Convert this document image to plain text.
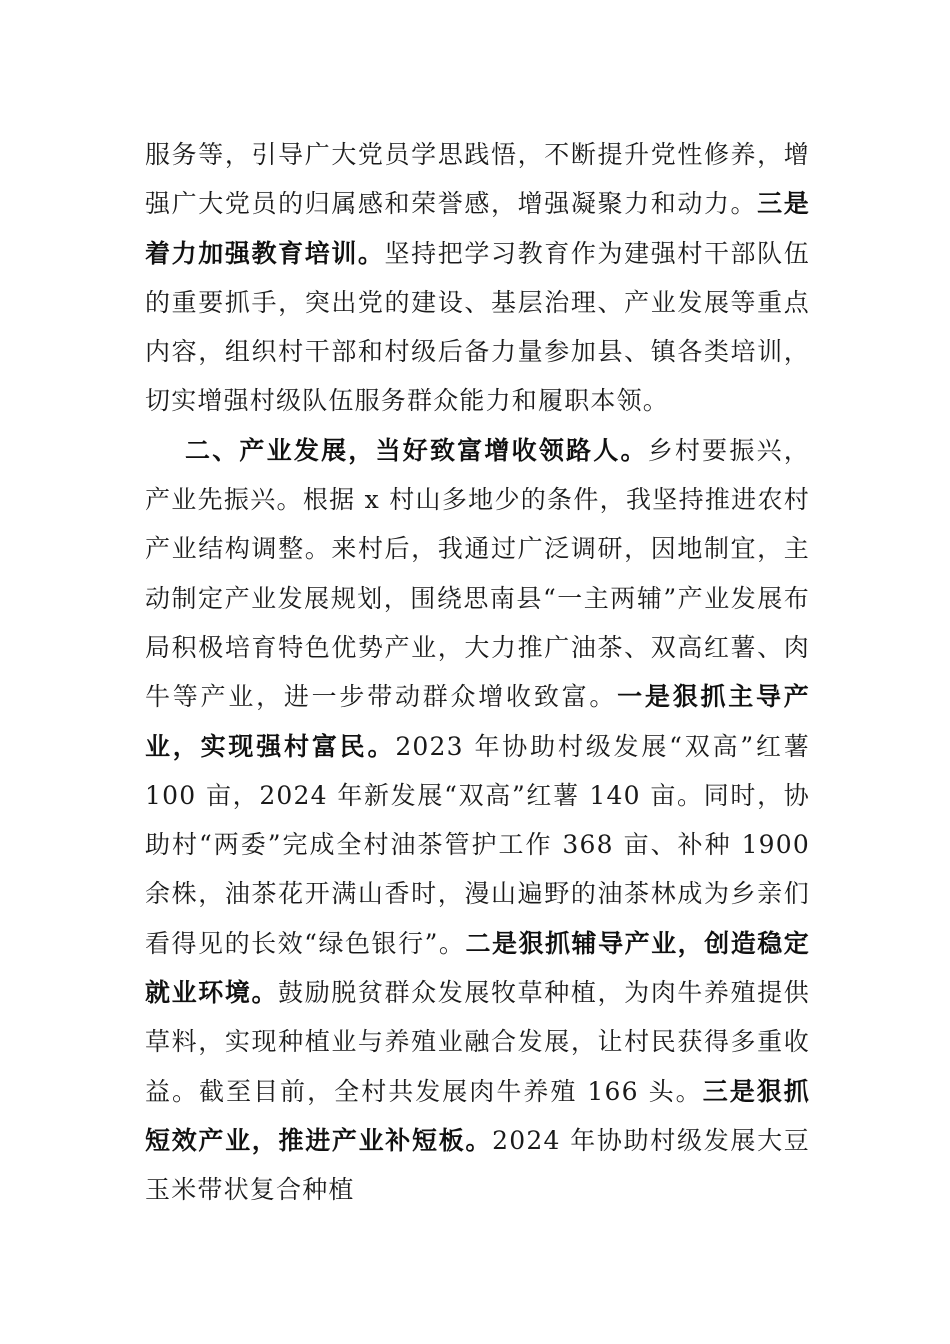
服务等，引导广大党员学思践悟，不断提升党性修养，增强广大党员的归属感和荣誉感，增强凝聚力和动力。三是着力加强教育培训。坚持把学习教育作为建强村干部队伍的重要抓手，突出党的建设、基层治理、产业发展等重点内容，组织村干部和村级后备力量参加县、镇各类培训，切实增强村级队伍服务群众能力和履职本领。

二、产业发展，当好致富增收领路人。乡村要振兴，产业先振兴。根据 x 村山多地少的条件，我坚持推进农村产业结构调整。来村后，我通过广泛调研，因地制宜，主动制定产业发展规划，围绕思南县“一主两辅”产业发展布局积极培育特色优势产业，大力推广油茶、双高红薯、肉牛等产业，进一步带动群众增收致富。一是狠抓主导产业，实现强村富民。2023 年协助村级发展“双高”红薯 100 亩，2024 年新发展“双高”红薯 140 亩。同时，协助村“两委”完成全村油茶管护工作 368 亩、补种 1900 余株，油茶花开满山香时，漫山遍野的油茶林成为乡亲们看得见的长效“绿色银行”。二是狠抓辅导产业，创造稳定就业环境。鼓励脱贫群众发展牧草种植，为肉牛养殖提供草料，实现种植业与养殖业融合发展，让村民获得多重收益。截至目前，全村共发展肉牛养殖 166 头。三是狠抓短效产业，推进产业补短板。2024 年协助村级发展大豆玉米带状复合种植
